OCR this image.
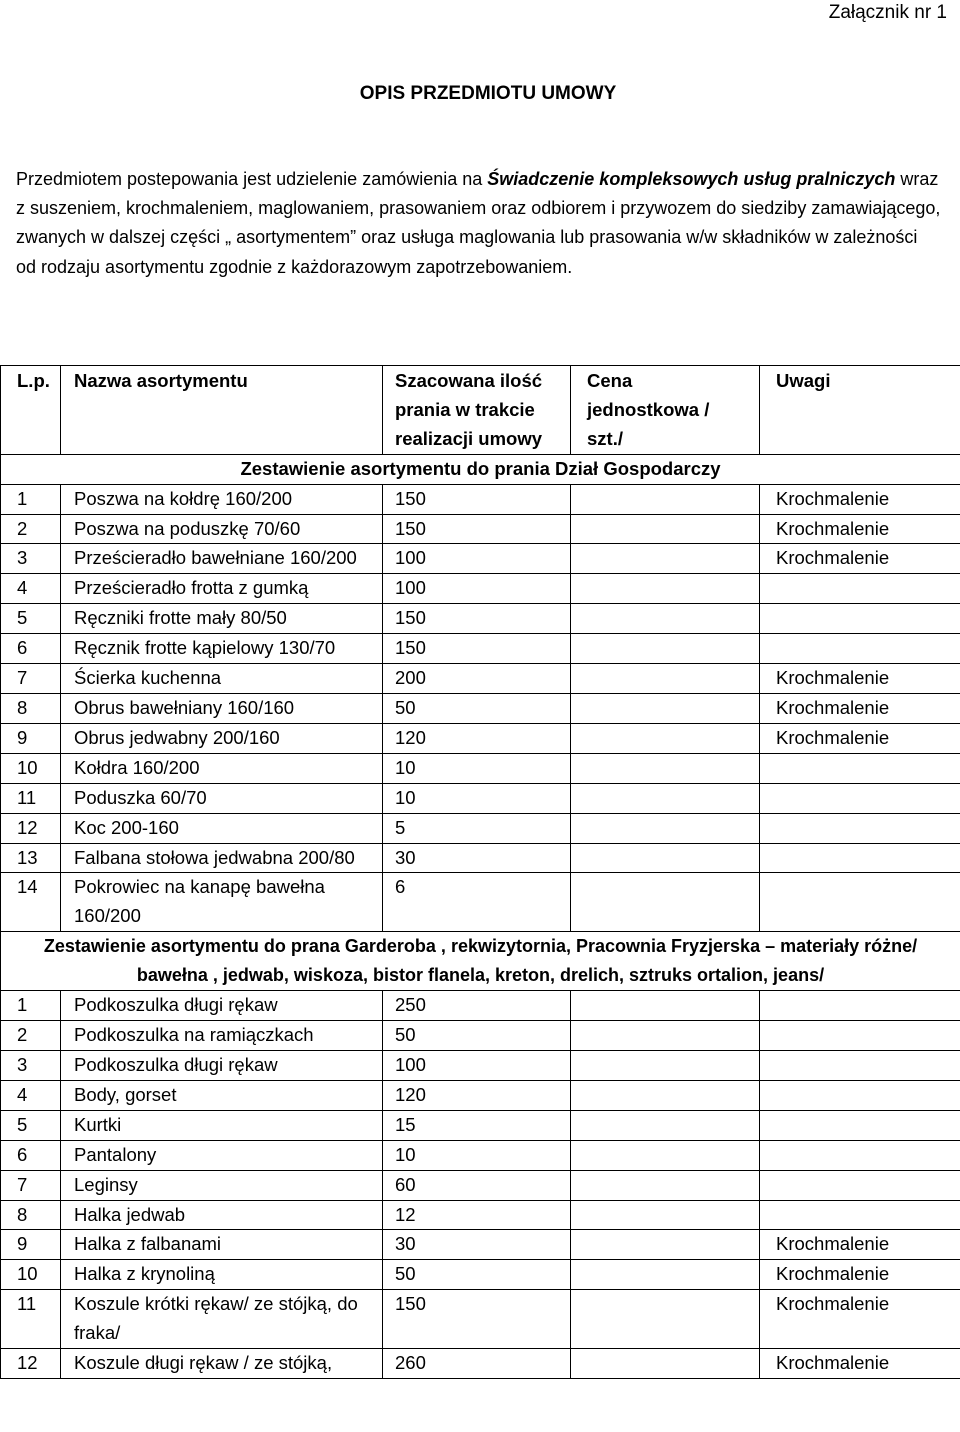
Załącznik nr 1
OPIS PRZEDMIOTU UMOWY

Przedmiotem postepowania jest udzielenie zamówienia na Świadczenie kompleksowych usług pralniczych wraz z suszeniem, krochmaleniem, maglowaniem, prasowaniem oraz odbiorem i przywozem do siedziby zamawiającego, zwanych w dalszej części „ asortymentem” oraz usługa maglowania lub prasowania w/w składników w zależności od rodzaju asortymentu zgodnie z każdorazowym zapotrzebowaniem.

L.p.	Nazwa asortymentu	Szacowana ilość prania w trakcie realizacji umowy	Cena jednostkowa / szt./	Uwagi
Zestawienie asortymentu do prania Dział Gospodarczy				
1	Poszwa na kołdrę 160/200	150		Krochmalenie
2	Poszwa na poduszkę 70/60	150		Krochmalenie
3	Prześcieradło bawełniane 160/200	100		Krochmalenie
4	Prześcieradło frotta z gumką	100		
5	Ręczniki frotte mały 80/50	150		
6	Ręcznik frotte kąpielowy 130/70	150		
7	Ścierka kuchenna	200		Krochmalenie
8	Obrus bawełniany 160/160	50		Krochmalenie
9	Obrus jedwabny 200/160	120		Krochmalenie
10	Kołdra 160/200	10		
11	Poduszka 60/70	10		
12	Koc 200-160	5		
13	Falbana stołowa jedwabna 200/80	30		
14	Pokrowiec na kanapę bawełna 160/200	6		
Zestawienie asortymentu do prana Garderoba , rekwizytornia, Pracownia Fryzjerska – materiały różne/ bawełna , jedwab, wiskoza, bistor flanela, kreton, drelich, sztruks ortalion, jeans/				
1	Podkoszulka długi rękaw	250		
2	Podkoszulka na ramiączkach	50		
3	Podkoszulka długi rękaw	100		
4	Body, gorset	120		
5	Kurtki	15		
6	Pantalony	10		
7	Leginsy	60		
8	Halka jedwab	12		
9	Halka z falbanami	30		Krochmalenie
10	Halka z krynoliną	50		Krochmalenie
11	Koszule krótki rękaw/ ze stójką, do fraka/	150		Krochmalenie
12	Koszule długi rękaw / ze stójką,	260		Krochmalenie
